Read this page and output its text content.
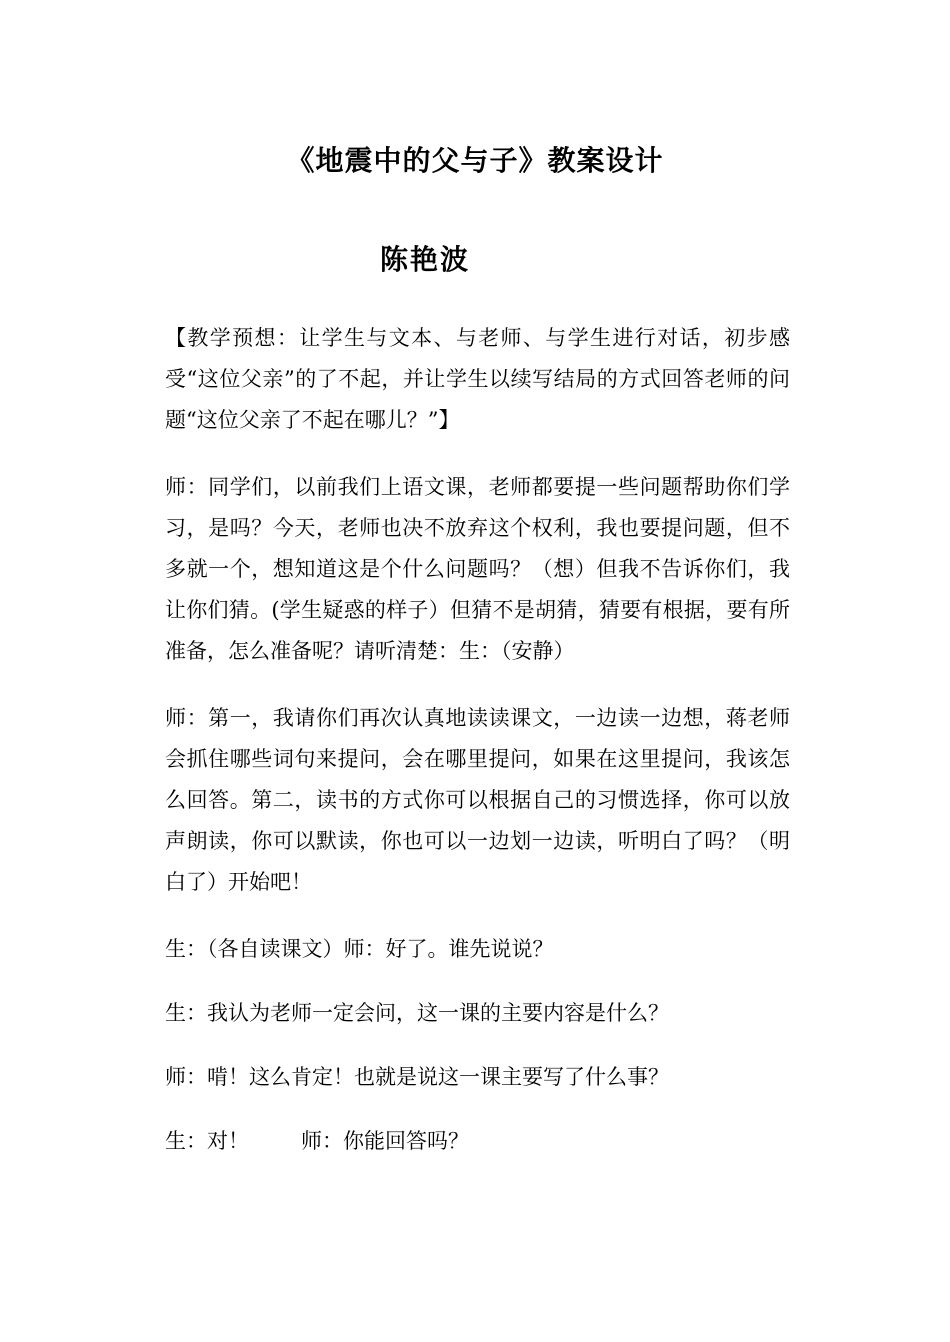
《地震中的父与子》教案设计
陈艳波

【教学预想：让学生与文本、与老师、与学生进行对话，初步感受“这位父亲”的了不起，并让学生以续写结局的方式回答老师的问题“这位父亲了不起在哪儿？”】

师：同学们，以前我们上语文课，老师都要提一些问题帮助你们学习，是吗？今天，老师也决不放弃这个权利，我也要提问题，但不多就一个，想知道这是个什么问题吗？（想）但我不告诉你们，我让你们猜。(学生疑惑的样子）但猜不是胡猜，猜要有根据，要有所准备，怎么准备呢？请听清楚：生：（安静）

师：第一，我请你们再次认真地读读课文，一边读一边想，蒋老师会抓住哪些词句来提问，会在哪里提问，如果在这里提问，我该怎么回答。第二，读书的方式你可以根据自己的习惯选择，你可以放声朗读，你可以默读，你也可以一边划一边读，听明白了吗？（明白了）开始吧！

生：（各自读课文）师：好了。谁先说说？

生：我认为老师一定会问，这一课的主要内容是什么？

师：啃！这么肯定！也就是说这一课主要写了什么事？

生：对！ 师：你能回答吗？
